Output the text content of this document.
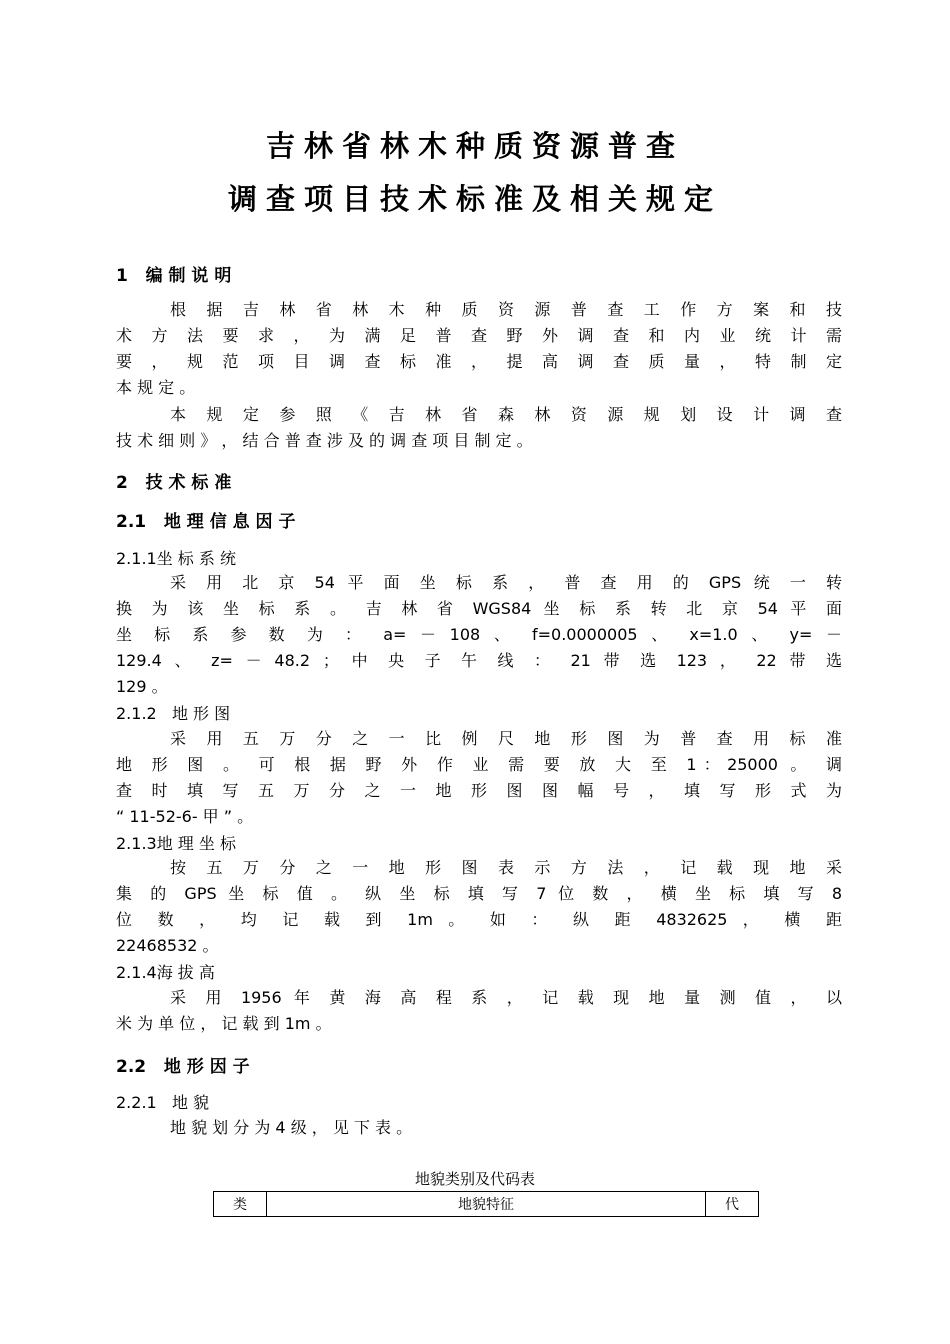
吉林省林木种质资源普查
调查项目技术标准及相关规定
1   编 制 说 明
根 据 吉 林 省 林 木 种 质 资 源 普 查 工 作 方 案 和 技
术 方 法 要 求 ， 为 满 足 普 查 野 外 调 查 和 内 业 统 计 需
要 ， 规 范 项 目 调 查 标 准 ， 提 高 调 查 质 量 ， 特 制 定
本 规 定 。
本 规 定 参 照 《 吉 林 省 森 林 资 源 规 划 设 计 调 查
技 术 细 则 》 ， 结 合 普 查 涉 及 的 调 查 项 目 制 定 。
2   技 术 标 准
2.1   地 理 信 息 因 子
2.1.1坐 标 系 统
采 用 北 京 54 平 面 坐 标 系 ， 普 查 用 的 GPS 统 一 转
换 为 该 坐 标 系 。 吉 林 省 WGS84 坐 标 系 转 北 京 54 平 面
坐 标 系 参 数 为 ： a= － 108 、 f=0.0000005 、 x=1.0 、 y= －
129.4 、 z= － 48.2 ； 中 央 子 午 线 ： 21 带 选 123 ， 22 带 选
129 。
2.1.2   地 形 图
采 用 五 万 分 之 一 比 例 尺 地 形 图 为 普 查 用 标 准
地 形 图 。 可 根 据 野 外 作 业 需 要 放 大 至 1：25000 。 调
查 时 填 写 五 万 分 之 一 地 形 图 图 幅 号 ， 填 写 形 式 为
“ 11-52-6- 甲 ” 。
2.1.3地 理 坐 标
按 五 万 分 之 一 地 形 图 表 示 方 法 ， 记 载 现 地 采
集 的 GPS 坐 标 值 。 纵 坐 标 填 写 7 位 数 ， 横 坐 标 填 写 8
位 数 ， 均 记 载 到 1m 。 如 ： 纵 距 4832625 ， 横 距
22468532 。
2.1.4海 拔 高
采 用 1956 年 黄 海 高 程 系 ， 记 载 现 地 量 测 值 ， 以
米 为 单 位 ， 记 载 到 1m 。
2.2   地 形 因 子
2.2.1   地 貌
地 貌 划 分 为 4 级 ， 见 下 表 。
地貌类别及代码表
类	地貌特征	代
